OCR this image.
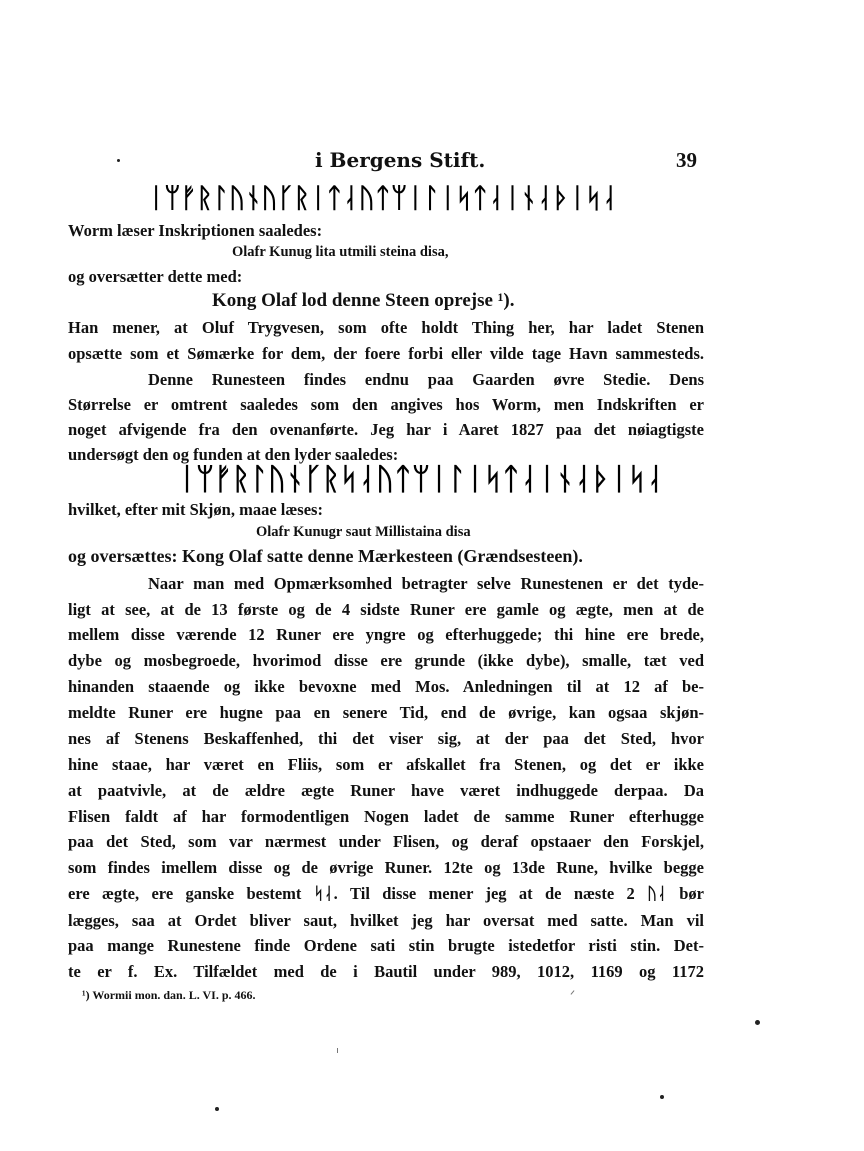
i Bergens Stift.	39
ᛁᛘᚠᚱᛚᚢᚾᚢᚴᚱᛁᛏᛆᚢᛏᛘᛁᛚᛁᛋᛏᛆᛁᚾᛆᚦᛁᛋᛆ
Worm læser Inskriptionen saaledes:
Olafr Kunug lita utmili steina disa,
og oversætter dette med:
Kong Olaf lod denne Steen oprejse ¹).
Han mener, at Oluf Trygvesen, som ofte holdt Thing her, har ladet Stenen
opsætte som et Sømærke for dem, der foere forbi eller vilde tage Havn sammesteds.
Denne Runesteen findes endnu paa Gaarden øvre Stedie. Dens
Størrelse er omtrent saaledes som den angives hos Worm, men Indskriften er
noget afvigende fra den ovenanførte. Jeg har i Aaret 1827 paa det nøiagtigste
undersøgt den og funden at den lyder saaledes:
ᛁᛘᚠᚱᛚᚢᚾᚴᚱᛋᛆᚢᛏᛘᛁᛚᛁᛋᛏᛆᛁᚾᛆᚦᛁᛋᛆ
hvilket, efter mit Skjøn, maae læses:
Olafr Kunugr saut Millistaina disa
og oversættes: Kong Olaf satte denne Mærkesteen (Grændsesteen).
Naar man med Opmærksomhed betragter selve Runestenen er det tyde-
ligt at see, at de 13 første og de 4 sidste Runer ere gamle og ægte, men at de
mellem disse værende 12 Runer ere yngre og efterhuggede; thi hine ere brede,
dybe og mosbegroede, hvorimod disse ere grunde (ikke dybe), smalle, tæt ved
hinanden staaende og ikke bevoxne med Mos. Anledningen til at 12 af be-
meldte Runer ere hugne paa en senere Tid, end de øvrige, kan ogsaa skjøn-
nes af Stenens Beskaffenhed, thi det viser sig, at der paa det Sted, hvor
hine staae, har været en Fliis, som er afskallet fra Stenen, og det er ikke
at paatvivle, at de ældre ægte Runer have været indhuggede derpaa. Da
Flisen faldt af har formodentligen Nogen ladet de samme Runer efterhugge
paa det Sted, som var nærmest under Flisen, og deraf opstaaer den Forskjel,
som findes imellem disse og de øvrige Runer. 12te og 13de Rune, hvilke begge
ere ægte, ere ganske bestemt ᛋᛆ. Til disse mener jeg at de næste 2 ᚢᛆ bør
lægges, saa at Ordet bliver saut, hvilket jeg har oversat med satte. Man vil
paa mange Runestene finde Ordene sati stin brugte istedetfor risti stin. Det-
te er f. Ex. Tilfældet med de i Bautil under 989, 1012, 1169 og 1172
¹) Wormii mon. dan. L. VI. p. 466.
